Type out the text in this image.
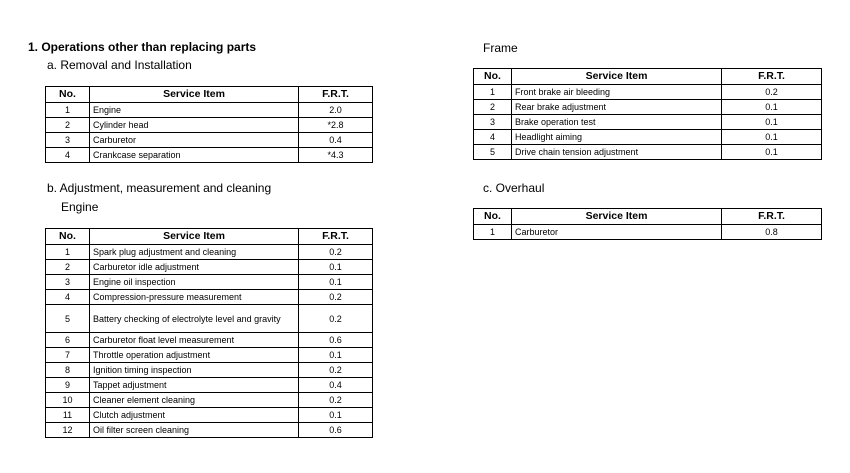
1. Operations other than replacing parts
a. Removal and Installation
No.	Service Item	F.R.T.
1	Engine	2.0
2	Cylinder head	*2.8
3	Carburetor	0.4
4	Crankcase separation	*4.3
b. Adjustment, measurement and cleaning
Engine
No.	Service Item	F.R.T.
1	Spark plug adjustment and cleaning	0.2
2	Carburetor idle adjustment	0.1
3	Engine oil inspection	0.1
4	Compression-pressure measurement	0.2
5	Battery checking of electrolyte level and gravity	0.2
6	Carburetor float level measurement	0.6
7	Throttle operation adjustment	0.1
8	Ignition timing inspection	0.2
9	Tappet adjustment	0.4
10	Cleaner element cleaning	0.2
11	Clutch adjustment	0.1
12	Oil filter screen cleaning	0.6
Frame
No.	Service Item	F.R.T.
1	Front brake air bleeding	0.2
2	Rear brake adjustment	0.1
3	Brake operation test	0.1
4	Headlight aiming	0.1
5	Drive chain tension adjustment	0.1
c. Overhaul
No.	Service Item	F.R.T.
1	Carburetor	0.8
